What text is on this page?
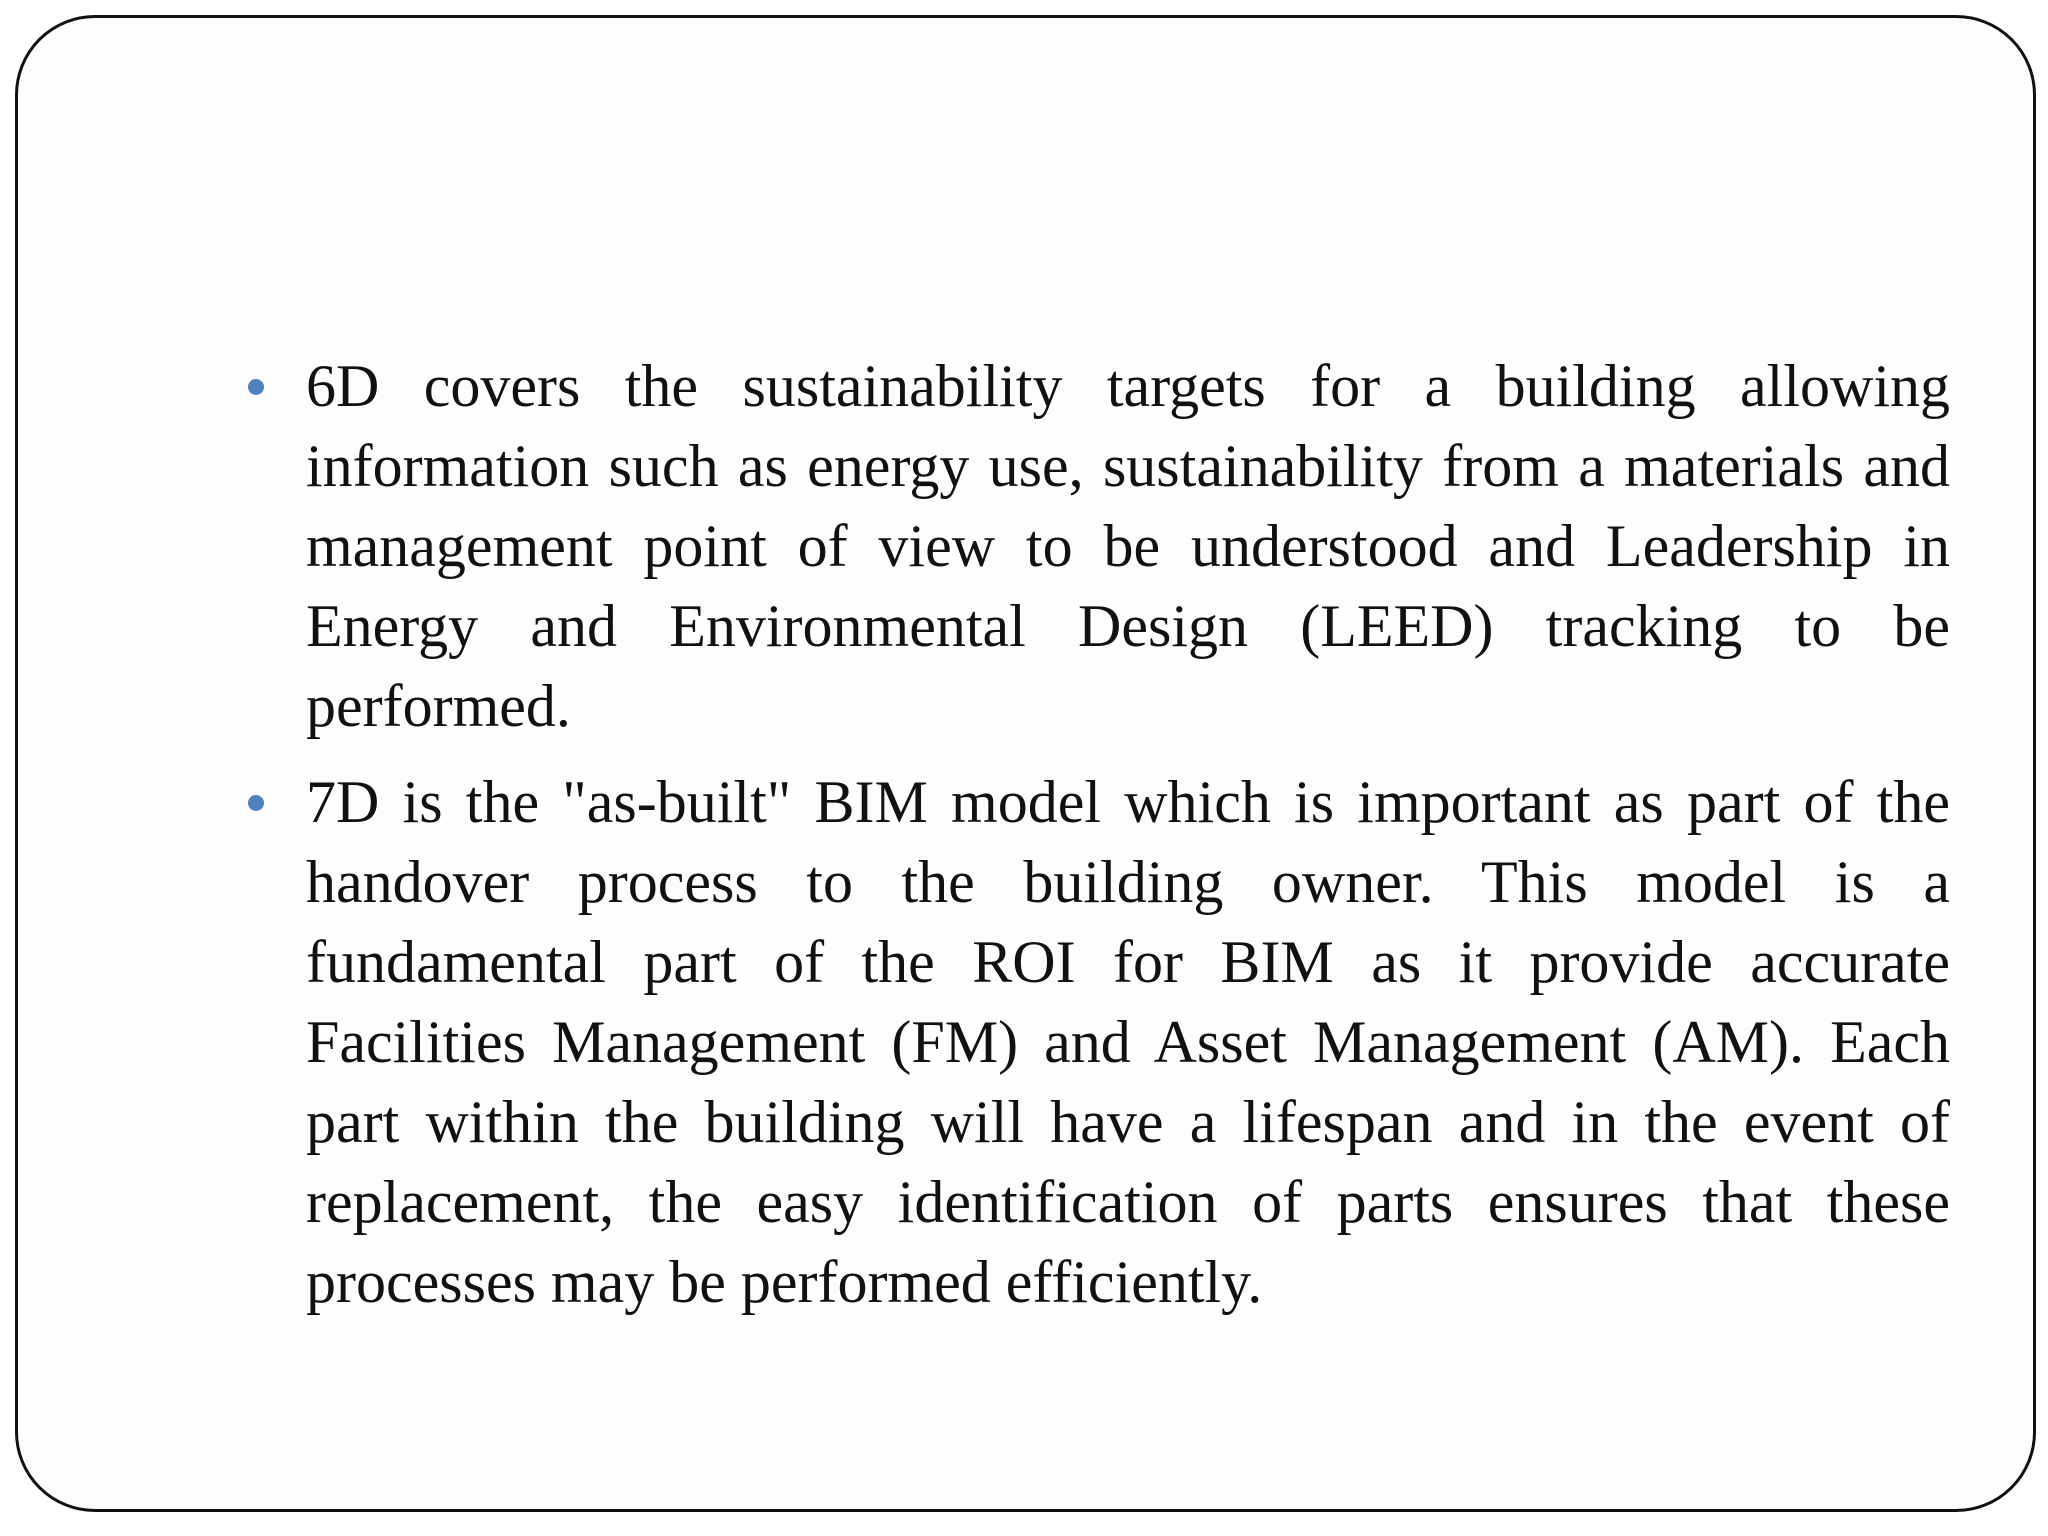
6D covers the sustainability targets for a building allowing information such as energy use, sustainability from a materials and management point of view to be understood and Leadership in Energy and Environmental Design (LEED) tracking to be performed.
7D is the "as-built" BIM model which is important as part of the handover process to the building owner. This model is a fundamental part of the ROI for BIM as it provide accurate Facilities Management (FM) and Asset Management (AM). Each part within the building will have a lifespan and in the event of replacement, the easy identification of parts ensures that these processes may be performed efficiently.
